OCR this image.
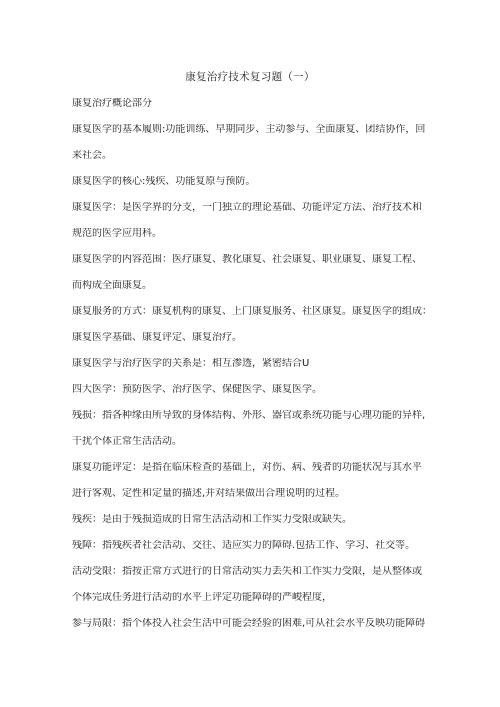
康复治疗技术复习题（一）
康复治疗概论部分
康复医学的基本履则:功能训练、早期同步、主动参与、全面康复、团结协作，回
来社会。
康复医学的核心:残疾、功能复原与预防。
康复医学：是医学界的分支，一门独立的理论基础、功能评定方法、治疗技术和
规范的医学应用科。
康复医学的内容范围：医疗康复、教化康复、社会康复、职业康复、康复工程、
而构成全面康复。
康复服务的方式：康复机构的康复、上门康复服务、社区康复。康复医学的组成：
康复医学基础、康复评定、康复治疗。
康复医学与治疗医学的关系是：相互渗透，紧密结合U
四大医学：预防医学、治疗医学、保健医学、康复医学。
残损：指各种缘由所导致的身体结构、外形、器官或系统功能与心理功能的异样,
干扰个体正常生活活动。
康复功能评定：是指在临床检查的基础上，对伤、病、残者的功能状况与其水平
进行客观、定性和定量的描述,并对结果做出合理说明的过程。
残疾：是由于残损造成的日常生活活动和工作实力受限或缺失。
残障：指残疾者社会活动、交往、适应实力的障碍.包括工作、学习、社交等。
活动受限：指按正常方式进行的日常活动实力丢失和工作实力受限，是从整体或
个体完成任务进行活动的水平上评定功能障碍的严峻程度，
参与局限：指个体投入社会生活中可能会经验的困难,可从社会水平反映功能障碍
